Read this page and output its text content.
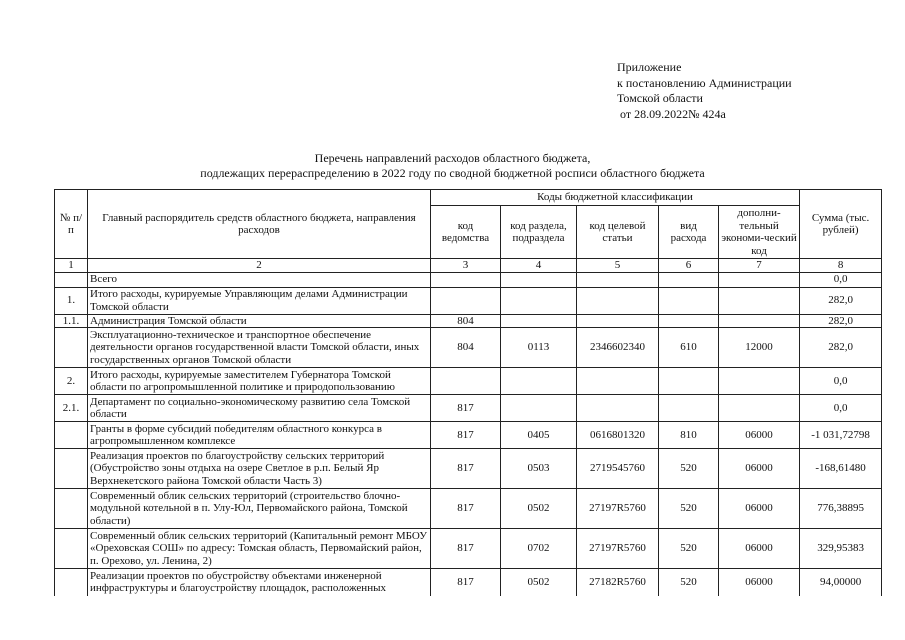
Приложение
к постановлению Администрации
Томской области
от 28.09.2022№ 424а
Перечень направлений расходов областного бюджета,
подлежащих перераспределению в 2022 году по сводной бюджетной росписи областного бюджета
№ п/п	Главный распорядитель средств областного бюджета, направления расходов	Коды бюджетной классификации					Сумма (тыс. рублей)
		код ведомства	код раздела, подраздела	код целевой статьи	вид расхода	дополни-тельный экономи-ческий код	
1	2	3	4	5	6	7	8
	Всего						0,0
1.	Итого расходы, курируемые Управляющим делами Администрации Томской области						282,0
1.1.	Администрация Томской области	804					282,0
	Эксплуатационно-техническое и транспортное обеспечение деятельности органов государственной власти Томской области, иных государственных органов Томской области	804	0113	2346602340	610	12000	282,0
2.	Итого расходы, курируемые заместителем Губернатора Томской области по агропромышленной политике и природопользованию						0,0
2.1.	Департамент по социально-экономическому развитию села Томской области	817					0,0
	Гранты в форме субсидий победителям областного конкурса в агропромышленном комплексе	817	0405	0616801320	810	06000	-1 031,72798
	Реализация проектов по благоустройству сельских территорий (Обустройство зоны отдыха на озере Светлое в р.п. Белый Яр Верхнекетского района Томской области Часть 3)	817	0503	2719545760	520	06000	-168,61480
	Современный облик сельских территорий (строительство блочно-модульной котельной в п. Улу-Юл, Первомайского района, Томской области)	817	0502	27197R5760	520	06000	776,38895
	Современный облик сельских территорий (Капитальный ремонт МБОУ «Ореховская СОШ» по адресу: Томская область, Первомайский район, п. Орехово, ул. Ленина, 2)	817	0702	27197R5760	520	06000	329,95383
	Реализации проектов по обустройству объектами инженерной инфраструктуры и благоустройству площадок, расположенных	817	0502	27182R5760	520	06000	94,00000
